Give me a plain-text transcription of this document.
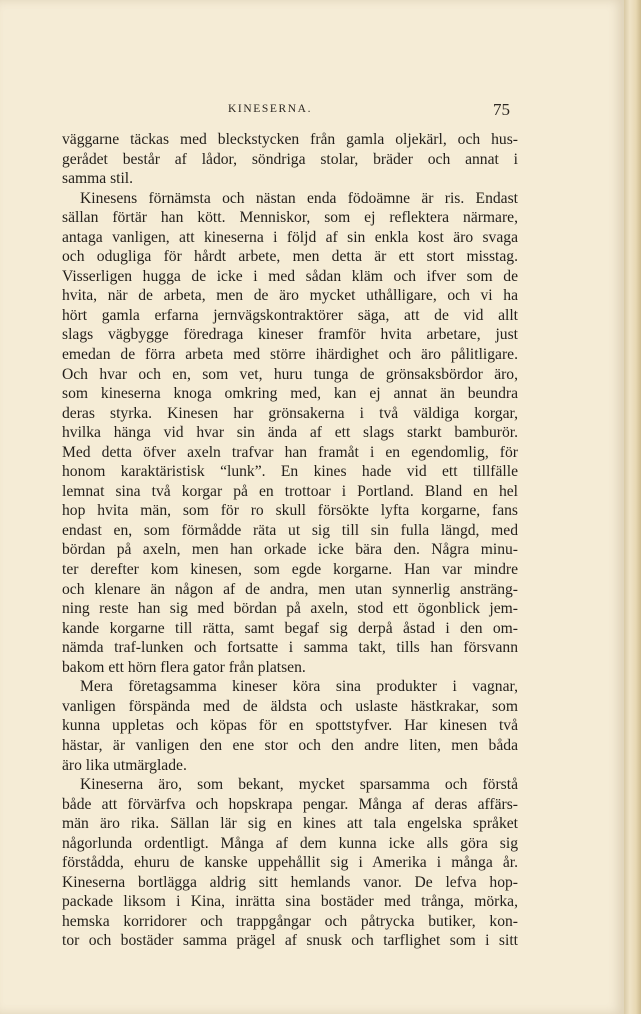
KINESERNA.	75
väggarne täckas med bleckstycken från gamla oljekärl, och hus-
gerådet består af lådor, söndriga stolar, bräder och annat i
samma stil.
Kinesens förnämsta och nästan enda födoämne är ris. Endast
sällan förtär han kött. Menniskor, som ej reflektera närmare,
antaga vanligen, att kineserna i följd af sin enkla kost äro svaga
och odugliga för hårdt arbete, men detta är ett stort misstag.
Visserligen hugga de icke i med sådan kläm och ifver som de
hvita, när de arbeta, men de äro mycket uthålligare, och vi ha
hört gamla erfarna jernvägskontraktörer säga, att de vid allt
slags vägbygge föredraga kineser framför hvita arbetare, just
emedan de förra arbeta med större ihärdighet och äro pålitligare.
Och hvar och en, som vet, huru tunga de grönsaksbördor äro,
som kineserna knoga omkring med, kan ej annat än beundra
deras styrka. Kinesen har grönsakerna i två väldiga korgar,
hvilka hänga vid hvar sin ända af ett slags starkt bamburör.
Med detta öfver axeln trafvar han framåt i en egendomlig, för
honom karaktäristisk “lunk”. En kines hade vid ett tillfälle
lemnat sina två korgar på en trottoar i Portland. Bland en hel
hop hvita män, som för ro skull försökte lyfta korgarne, fans
endast en, som förmådde räta ut sig till sin fulla längd, med
bördan på axeln, men han orkade icke bära den. Några minu-
ter derefter kom kinesen, som egde korgarne. Han var mindre
och klenare än någon af de andra, men utan synnerlig ansträng-
ning reste han sig med bördan på axeln, stod ett ögonblick jem-
kande korgarne till rätta, samt begaf sig derpå åstad i den om-
nämda traf-lunken och fortsatte i samma takt, tills han försvann
bakom ett hörn flera gator från platsen.
Mera företagsamma kineser köra sina produkter i vagnar,
vanligen förspända med de äldsta och uslaste hästkrakar, som
kunna uppletas och köpas för en spottstyfver. Har kinesen två
hästar, är vanligen den ene stor och den andre liten, men båda
äro lika utmärglade.
Kineserna äro, som bekant, mycket sparsamma och förstå
både att förvärfva och hopskrapa pengar. Många af deras affärs-
män äro rika. Sällan lär sig en kines att tala engelska språket
någorlunda ordentligt. Många af dem kunna icke alls göra sig
förstådda, ehuru de kanske uppehållit sig i Amerika i många år.
Kineserna bortlägga aldrig sitt hemlands vanor. De lefva hop-
packade liksom i Kina, inrätta sina bostäder med trånga, mörka,
hemska korridorer och trappgångar och påtrycka butiker, kon-
tor och bostäder samma prägel af snusk och tarflighet som i sitt
